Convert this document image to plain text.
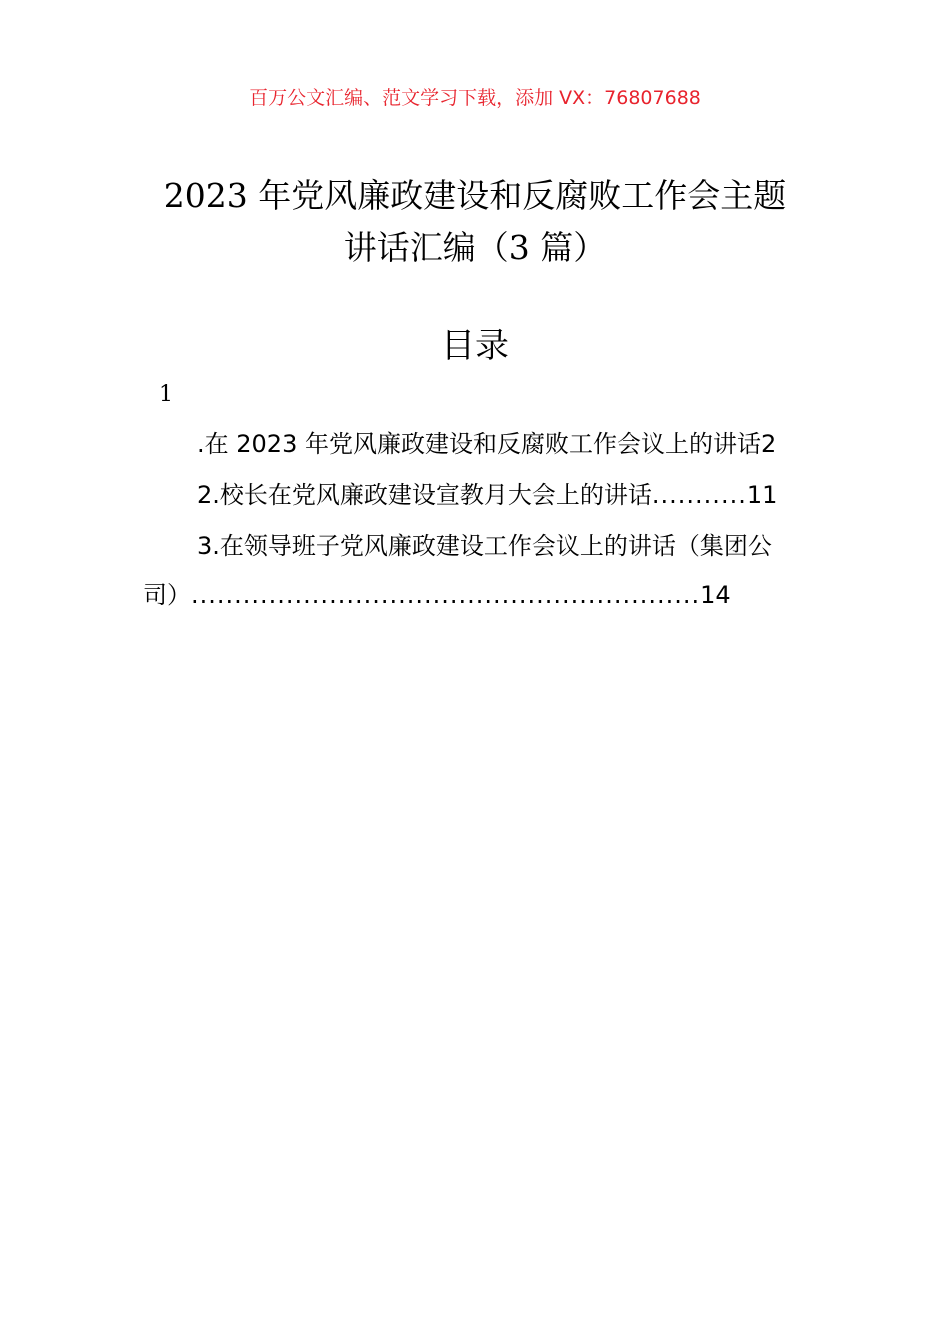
百万公文汇编、范文学习下载，添加 VX：76807688
2023 年党风廉政建设和反腐败工作会主题
讲话汇编（3 篇）
目录
1
.在 2023 年党风廉政建设和反腐败工作会议上的讲话2
2.校长在党风廉政建设宣教月大会上的讲话...........11
3.在领导班子党风廉政建设工作会议上的讲话（集团公
司）...........................................................14
